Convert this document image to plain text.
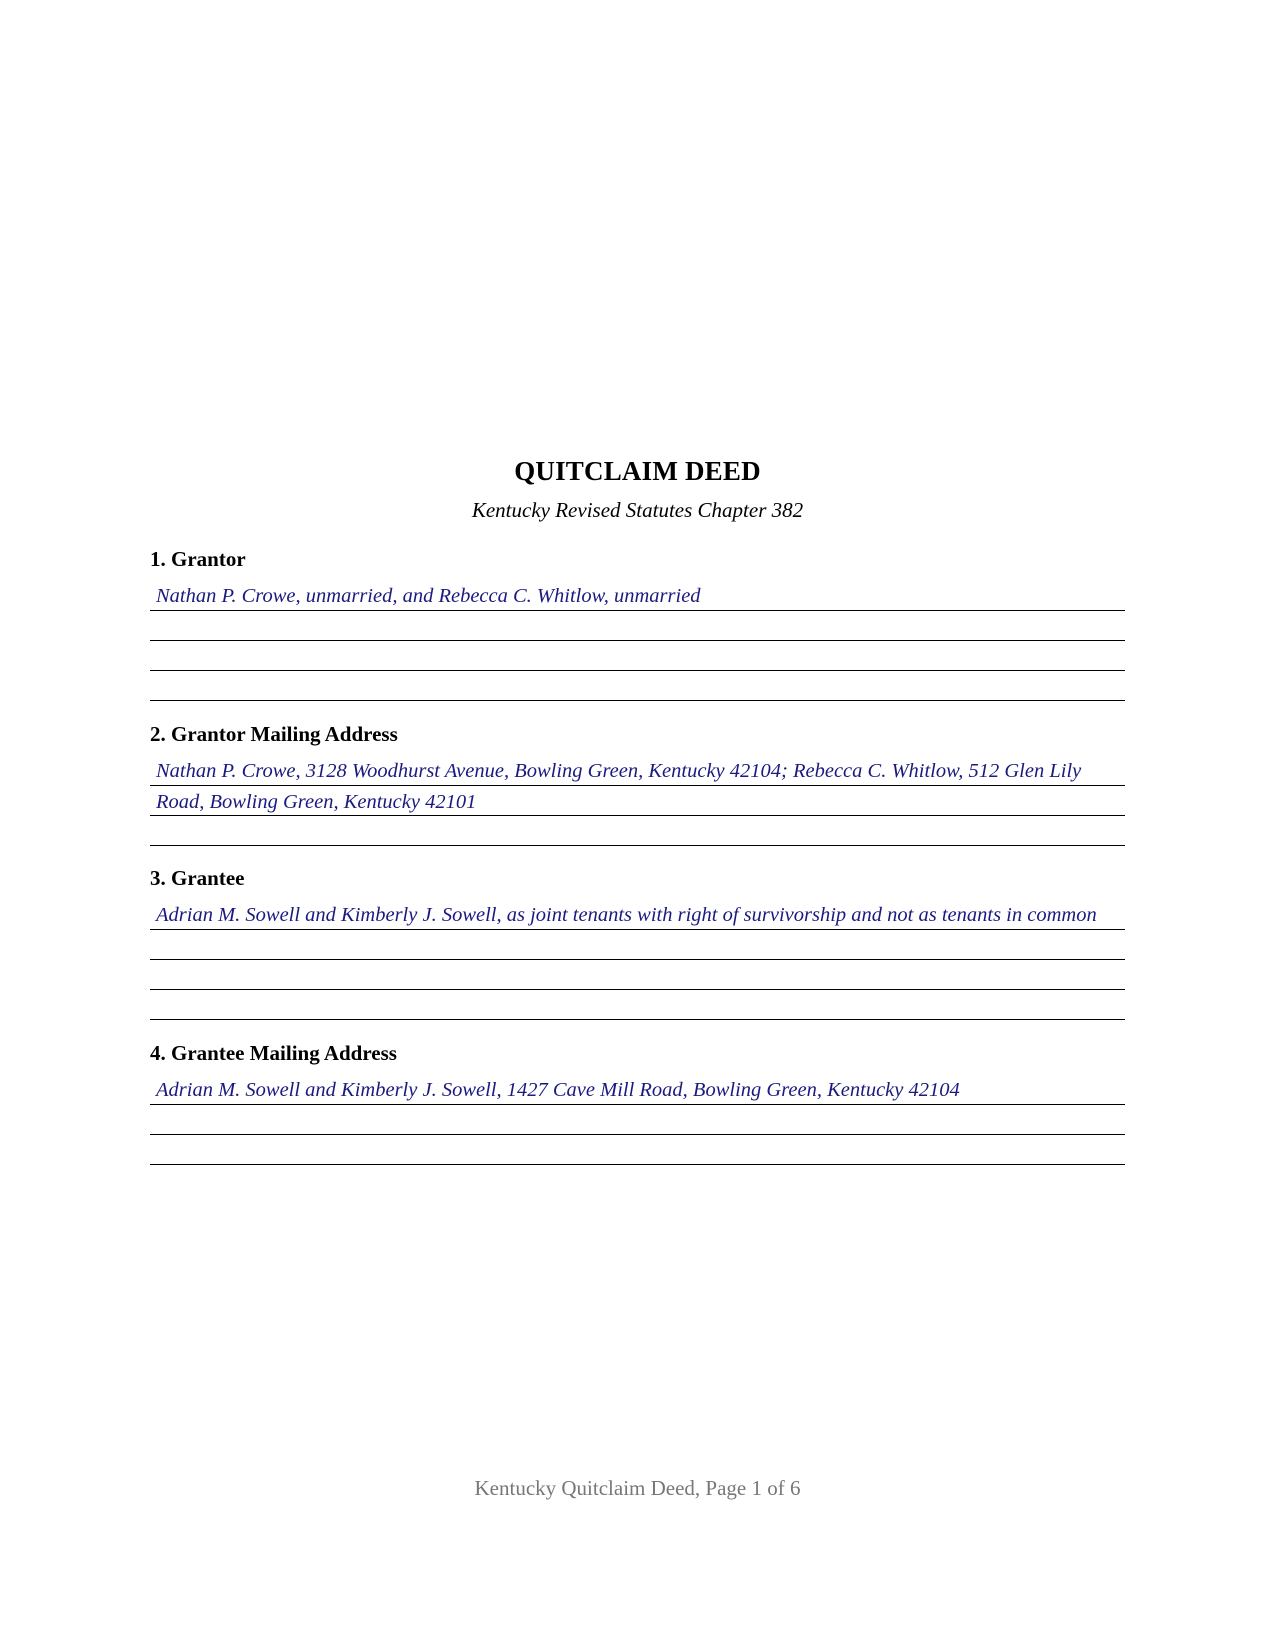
QUITCLAIM DEED
Kentucky Revised Statutes Chapter 382
1. Grantor
Nathan P. Crowe, unmarried, and Rebecca C. Whitlow, unmarried
2. Grantor Mailing Address
Nathan P. Crowe, 3128 Woodhurst Avenue, Bowling Green, Kentucky 42104; Rebecca C. Whitlow, 512 Glen Lily Road, Bowling Green, Kentucky 42101
3. Grantee
Adrian M. Sowell and Kimberly J. Sowell, as joint tenants with right of survivorship and not as tenants in common
4. Grantee Mailing Address
Adrian M. Sowell and Kimberly J. Sowell, 1427 Cave Mill Road, Bowling Green, Kentucky 42104
Kentucky Quitclaim Deed, Page 1 of 6
